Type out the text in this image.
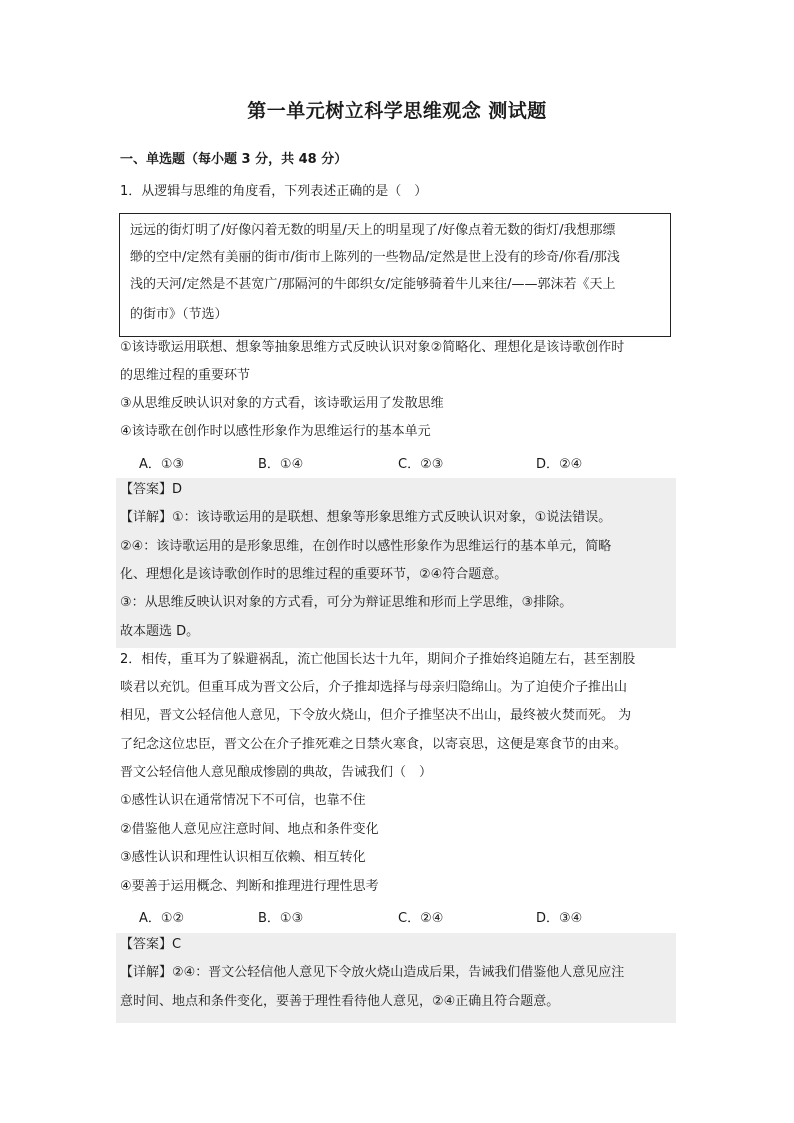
第一单元树立科学思维观念 测试题
一、单选题（每小题 3 分，共 48 分）
1．从逻辑与思维的角度看，下列表述正确的是（　）
远远的街灯明了/好像闪着无数的明星/天上的明星现了/好像点着无数的街灯/我想那缥
缈的空中/定然有美丽的街市/街市上陈列的一些物品/定然是世上没有的珍奇/你看/那浅
浅的天河/定然是不甚宽广/那隔河的牛郎织女/定能够骑着牛儿来往/——郭沫若《天上
的街市》（节选）
①该诗歌运用联想、想象等抽象思维方式反映认识对象②简略化、理想化是该诗歌创作时
的思维过程的重要环节
③从思维反映认识对象的方式看，该诗歌运用了发散思维
④该诗歌在创作时以感性形象作为思维运行的基本单元
A．①③	B．①④	C．②③	D．②④
【答案】D
【详解】①：该诗歌运用的是联想、想象等形象思维方式反映认识对象，①说法错误。
②④：该诗歌运用的是形象思维，在创作时以感性形象作为思维运行的基本单元，简略
化、理想化是该诗歌创作时的思维过程的重要环节，②④符合题意。
③：从思维反映认识对象的方式看，可分为辩证思维和形而上学思维，③排除。
故本题选 D。
2．相传，重耳为了躲避祸乱，流亡他国长达十九年，期间介子推始终追随左右，甚至割股
啖君以充饥。但重耳成为晋文公后，介子推却选择与母亲归隐绵山。为了迫使介子推出山
相见，晋文公轻信他人意见，下令放火烧山，但介子推坚决不出山，最终被火焚而死。 为
了纪念这位忠臣，晋文公在介子推死难之日禁火寒食，以寄哀思，这便是寒食节的由来。
晋文公轻信他人意见酿成惨剧的典故，告诫我们（　）
①感性认识在通常情况下不可信，也靠不住
②借鉴他人意见应注意时间、地点和条件变化
③感性认识和理性认识相互依赖、相互转化
④要善于运用概念、判断和推理进行理性思考
A．①②	B．①③	C．②④	D．③④
【答案】C
【详解】②④：晋文公轻信他人意见下令放火烧山造成后果，告诫我们借鉴他人意见应注
意时间、地点和条件变化，要善于理性看待他人意见，②④正确且符合题意。
